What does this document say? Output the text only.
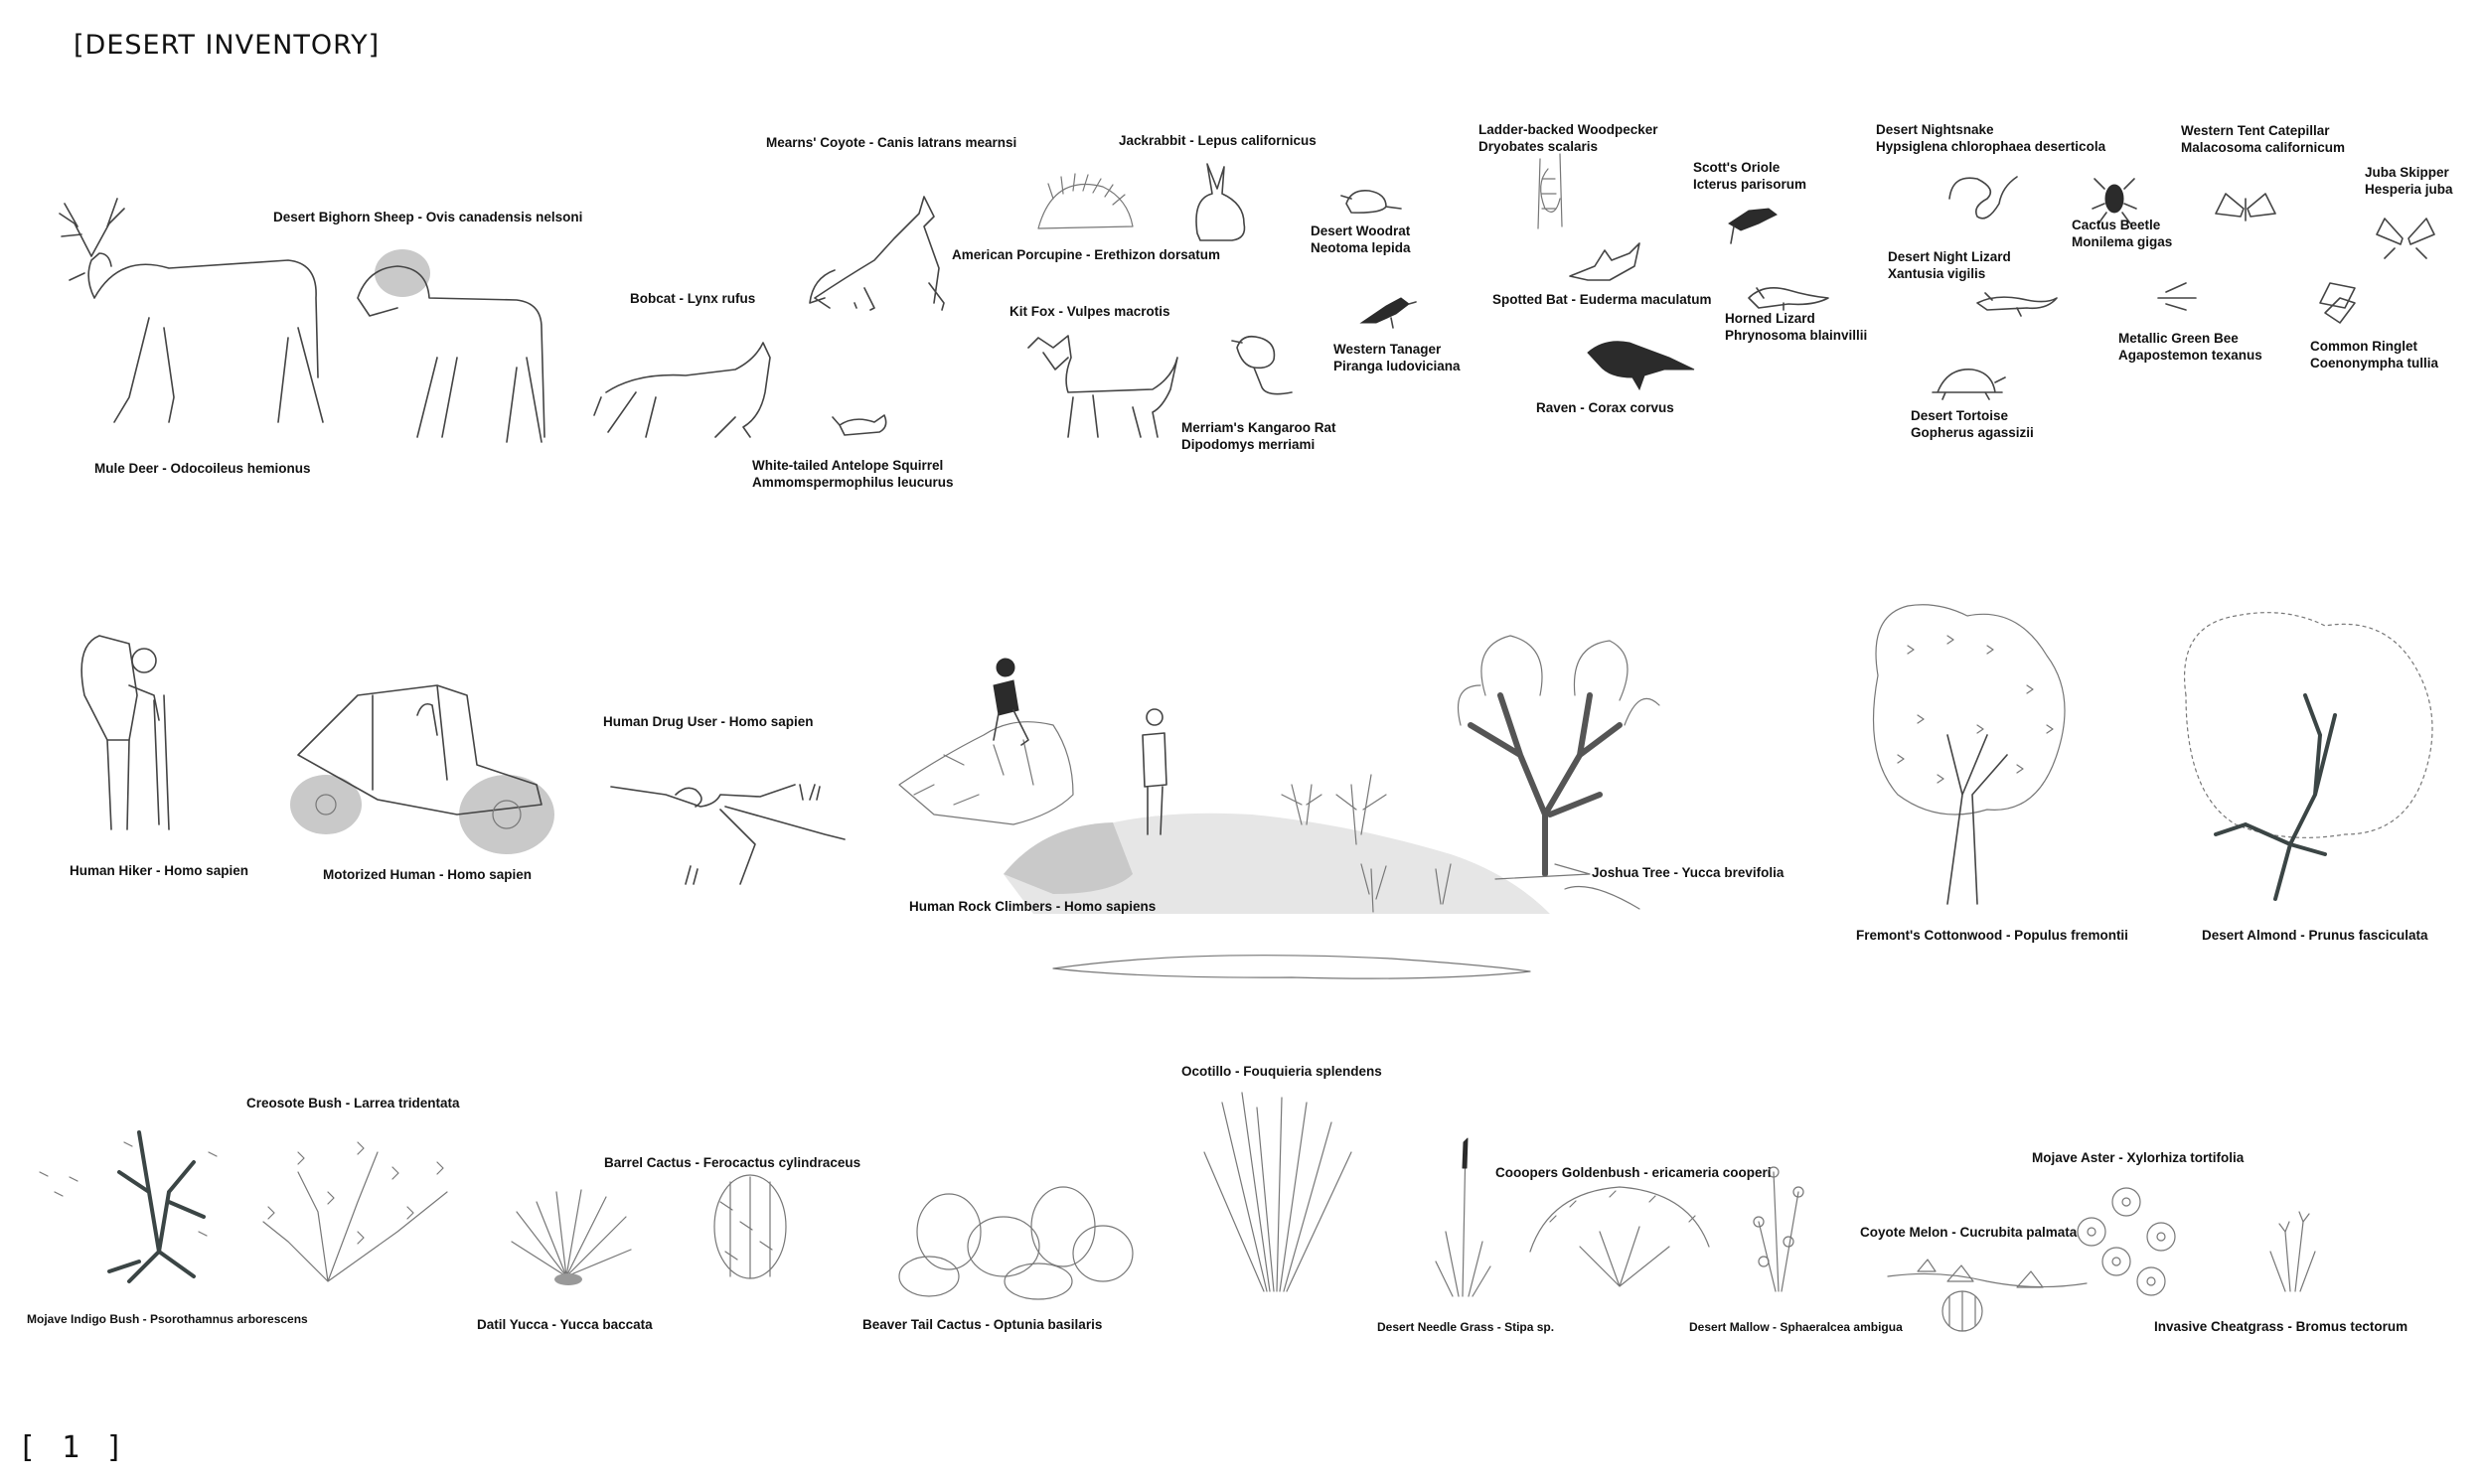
[DESERT INVENTORY]
[ 1 ]
Mule Deer - Odocoileus hemionus
Desert Bighorn Sheep - Ovis canadensis nelsoni
Bobcat - Lynx rufus
White-tailed Antelope Squirrel
Ammomspermophilus leucurus
Mearns' Coyote - Canis latrans mearnsi
American Porcupine - Erethizon dorsatum
Jackrabbit - Lepus californicus
Kit Fox - Vulpes macrotis
Merriam's Kangaroo Rat
Dipodomys merriami
Desert Woodrat
Neotoma lepida
Western Tanager
Piranga ludoviciana
Ladder-backed Woodpecker
Dryobates scalaris
Spotted Bat - Euderma maculatum
Raven - Corax corvus
Scott's Oriole
Icterus parisorum
Horned Lizard
Phrynosoma blainvillii
Desert Nightsnake
Hypsiglena chlorophaea deserticola
Desert Night Lizard
Xantusia vigilis
Desert Tortoise
Gopherus agassizii
Cactus Beetle
Monilema gigas
Western Tent Catepillar
Malacosoma californicum
Metallic Green Bee
Agapostemon texanus
Juba Skipper
Hesperia juba
Common Ringlet
Coenonympha tullia
Human Hiker - Homo sapien	Motorized Human - Homo sapien
Human Drug User - Homo sapien
Human Rock Climbers - Homo sapiens
Joshua Tree - Yucca brevifolia
Fremont's Cottonwood - Populus fremontii	Desert Almond - Prunus fasciculata
Mojave Indigo Bush - Psorothamnus arborescens
Creosote Bush - Larrea tridentata
Datil Yucca - Yucca baccata
Barrel Cactus - Ferocactus cylindraceus
Beaver Tail Cactus - Optunia basilaris
Ocotillo - Fouquieria splendens
Desert Needle Grass - Stipa sp.
Cooopers Goldenbush - ericameria cooperi
Desert Mallow - Sphaeralcea ambigua
Coyote Melon - Cucrubita palmata
Mojave Aster - Xylorhiza tortifolia
Invasive Cheatgrass - Bromus tectorum
